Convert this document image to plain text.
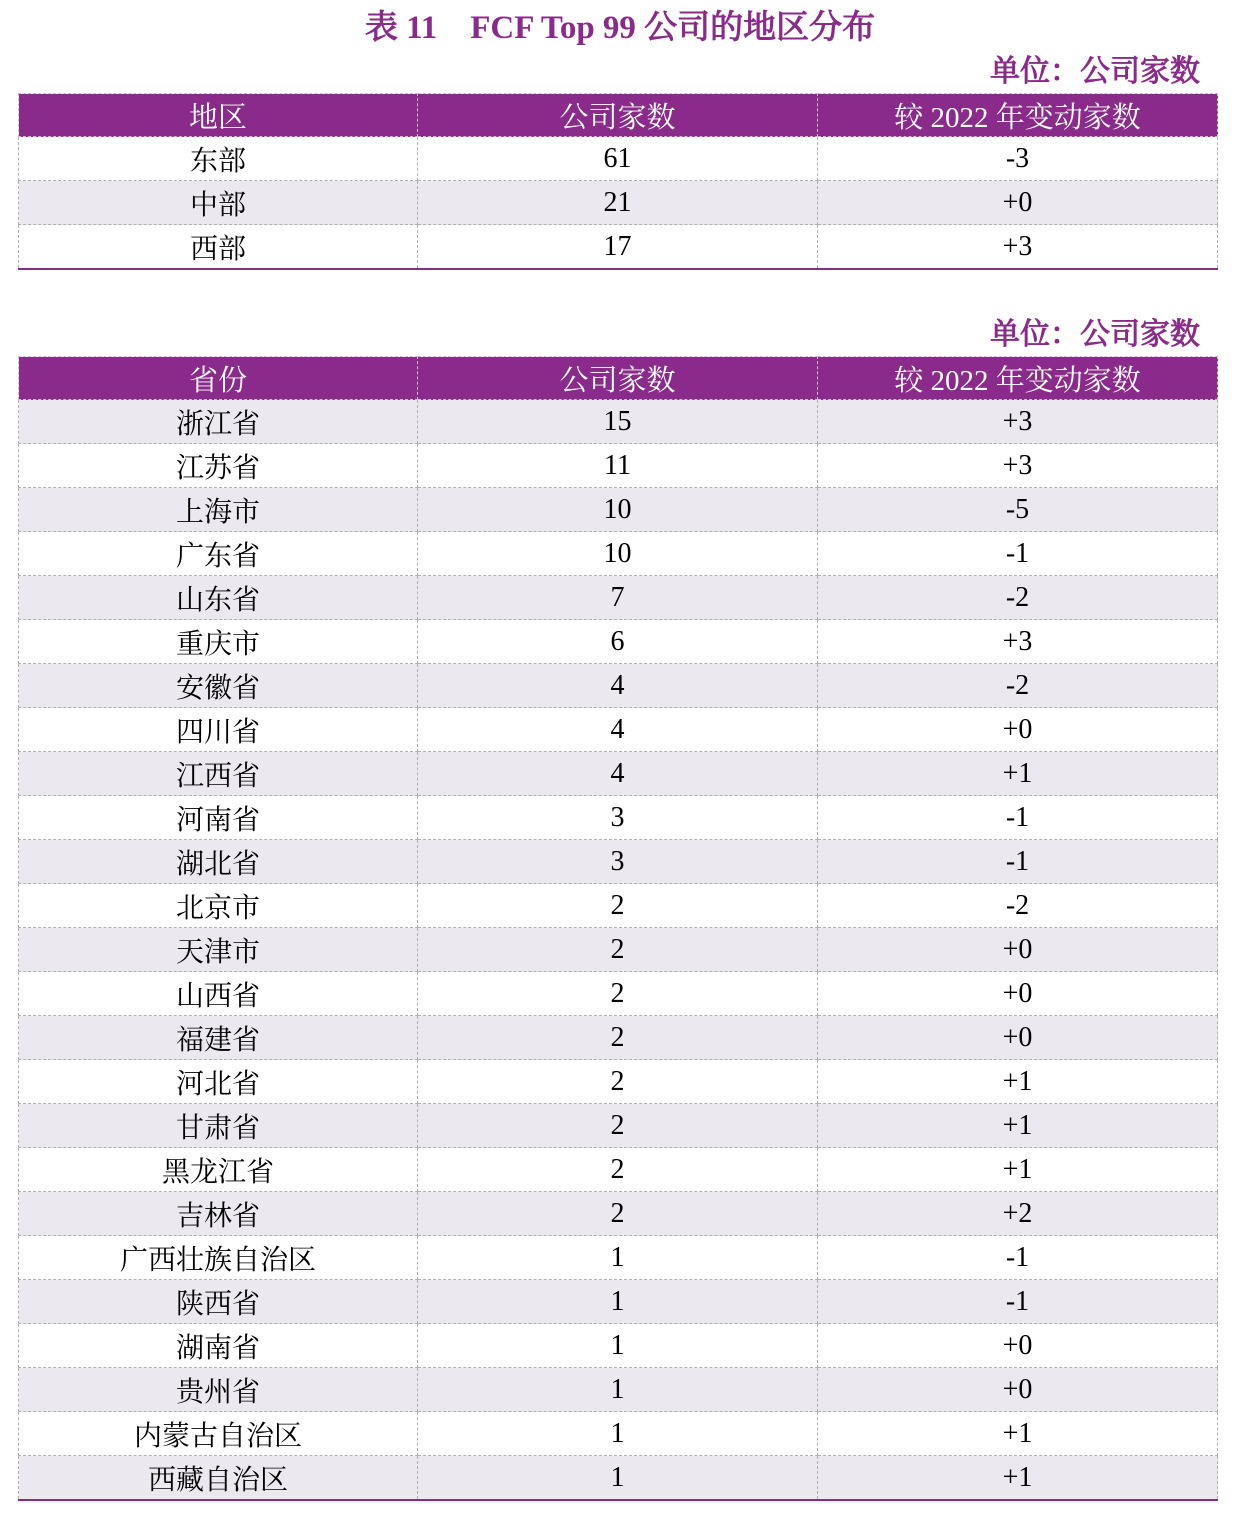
表 11　FCF Top 99 公司的地区分布
单位：公司家数
地区	公司家数	较 2022 年变动家数
东部	61	-3
中部	21	+0
西部	17	+3
单位：公司家数
省份	公司家数	较 2022 年变动家数
浙江省	15	+3
江苏省	11	+3
上海市	10	-5
广东省	10	-1
山东省	7	-2
重庆市	6	+3
安徽省	4	-2
四川省	4	+0
江西省	4	+1
河南省	3	-1
湖北省	3	-1
北京市	2	-2
天津市	2	+0
山西省	2	+0
福建省	2	+0
河北省	2	+1
甘肃省	2	+1
黑龙江省	2	+1
吉林省	2	+2
广西壮族自治区	1	-1
陕西省	1	-1
湖南省	1	+0
贵州省	1	+0
内蒙古自治区	1	+1
西藏自治区	1	+1
